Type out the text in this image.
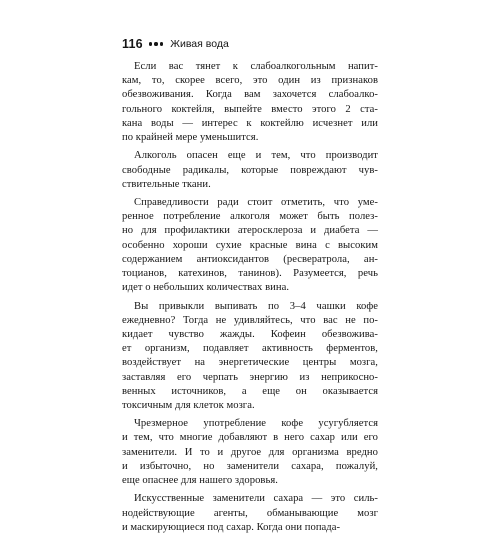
116	Живая вода

Если вас тянет к слабоалкогольным напит-
кам, то, скорее всего, это один из признаков
обезвоживания. Когда вам захочется слабоалко-
гольного коктейля, выпейте вместо этого 2 ста-
кана воды — интерес к коктейлю исчезнет или
по крайней мере уменьшится.

Алкоголь опасен еще и тем, что производит
свободные радикалы, которые повреждают чув-
ствительные ткани.

Справедливости ради стоит отметить, что уме-
ренное потребление алкоголя может быть полез-
но для профилактики атеросклероза и диабета —
особенно хороши сухие красные вина с высоким
содержанием антиоксидантов (ресвератрола, ан-
тоцианов, катехинов, танинов). Разумеется, речь
идет о небольших количествах вина.

Вы привыкли выпивать по 3–4 чашки кофе
ежедневно? Тогда не удивляйтесь, что вас не по-
кидает чувство жажды. Кофеин обезвожива-
ет организм, подавляет активность ферментов,
воздействует на энергетические центры мозга,
заставляя его черпать энергию из неприкосно-
венных источников, а еще он оказывается
токсичным для клеток мозга.

Чрезмерное употребление кофе усугубляется
и тем, что многие добавляют в него сахар или его
заменители. И то и другое для организма вредно
и избыточно, но заменители сахара, пожалуй,
еще опаснее для нашего здоровья.

Искусственные заменители сахара — это силь-
нодействующие агенты, обманывающие мозг
и маскирующиеся под сахар. Когда они попада-
